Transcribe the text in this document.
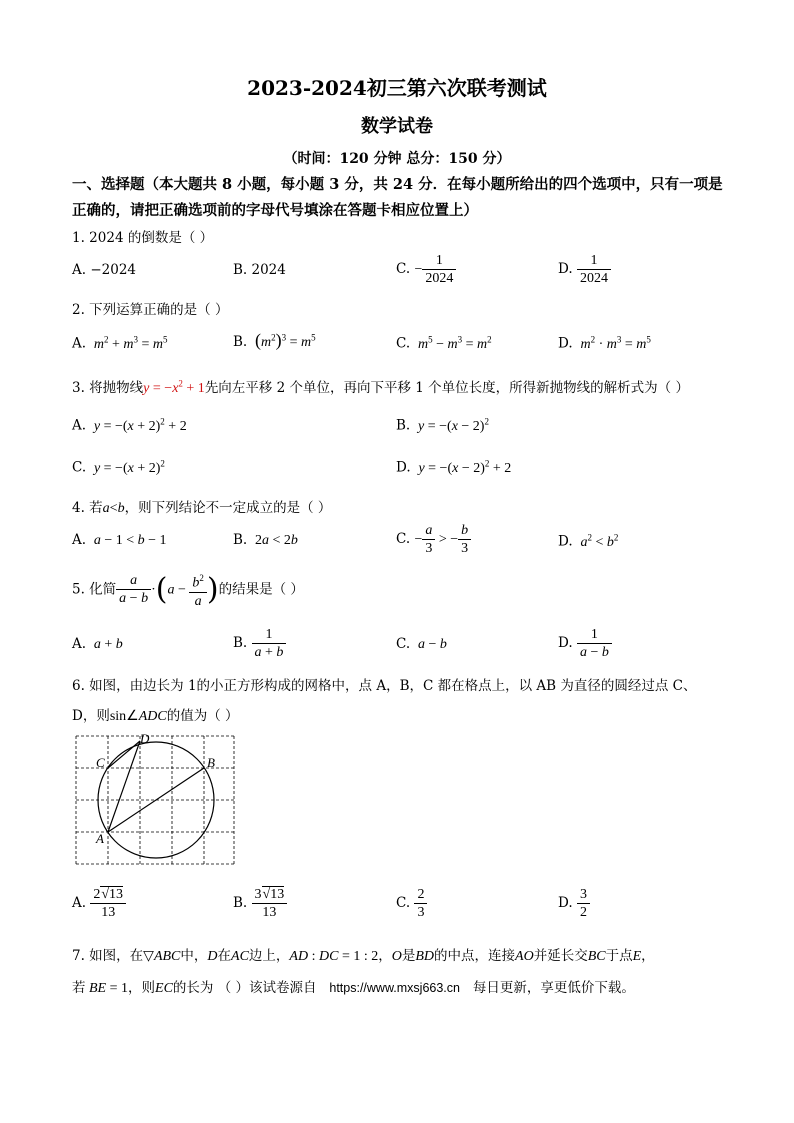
2023-2024初三第六次联考测试
数学试卷
（时间：120 分钟 总分：150 分）
一、选择题（本大题共 8 小题，每小题 3 分，共 24 分．在每小题所给出的四个选项中，只有一项是正确的，请把正确选项前的字母代号填涂在答题卡相应位置上）
1. 2024 的倒数是（ ）
A. −2024	B. 2024	C. − $\frac{1}{2024}$	D. $\frac{1}{2024}$
2. 下列运算正确的是（ ）
A. $m^2 + m^3 = m^5$	B. $(m^2)^3 = m^5$	C. $m^5 - m^3 = m^2$	D. $m^2 \cdot m^3 = m^5$
3. 将抛物线$y = -x^2 + 1$先向左平移 2 个单位，再向下平移 1 个单位长度，所得新抛物线的解析式为（ ）
A. $y = -(x + 2)^2 + 2$	B. $y = -(x - 2)^2$
C. $y = -(x + 2)^2$	D. $y = -(x - 2)^2 + 2$
4. 若a<b，则下列结论不一定成立的是（ ）
A. a − 1 < b − 1	B.  2a < 2b	C. − $\frac{a}{3}$ > − $\frac{b}{3}$	D. $a^2 < b^2$
5. 化简 $\frac{a}{a - b} \cdot(a - \frac{b^2}{a}$ )的结果是（ ）
A. a + b	B. $\frac{1}{a + b}$	C. a − b	D. $\frac{1}{a - b}$
6. 如图，由边长为 1的小正方形构成的网格中，点 A，B，C 都在格点上，以 AB 为直径的圆经过点 C、
D，则sin∠ADC的值为（ ）
A
B
C
D
A. $\frac{2√13}{13}$	B. $\frac{3√13}{13}$	C. $\frac{2}{3}$	D. $\frac{3}{2}$
7. 如图，在▽ABC中，D在AC边上，AD : DC = 1 : 2，O是BD的中点，连接AO并延长交BC于点E，
若 BE = 1，则EC的长为 （ ）该试卷源自 https://www.mxsj663.cn 每日更新，享更低价下载。
